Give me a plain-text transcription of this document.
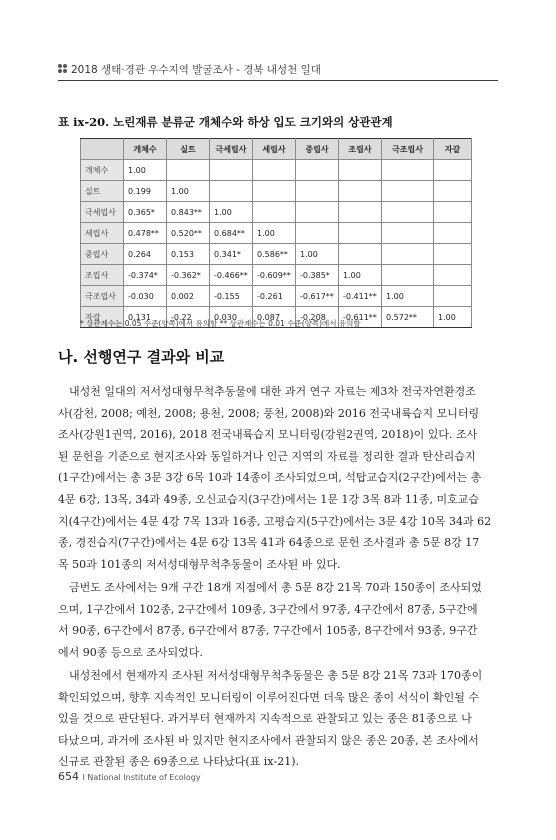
2018 생태·경관 우수지역 발굴조사 - 경북 내성천 일대
표 ⅸ-20. 노린재류 분류군 개체수와 하상 입도 크기와의 상관관계
	개체수	실트	극세립사	세립사	중립사	조립사	극조립사	자갈
개체수	1.00							
실트	0.199	1.00						
극세립사	0.365*	0.843**	1.00					
세립사	0.478**	0.520**	0.684**	1.00				
중립사	0.264	0.153	0.341*	0.586**	1.00			
조립사	-0.374*	-0.362*	-0.466**	-0.609**	-0.385*	1.00		
극조립사	-0.030	0.002	-0.155	-0.261	-0.617**	-0.411**	1.00	
자갈	0.131	-0.22	0.030	0.087	-0.208	-0.611**	0.572**	1.00
* 상관계수는 0.05 수준(양쪽)에서 유의함 ** 상관계수는 0.01 수준(양쪽)에서 유의함
나. 선행연구 결과와 비교

내성천 일대의 저서성대형무척추동물에 대한 과거 연구 자료는 제3차 전국자연환경조
사(감천, 2008; 예천, 2008; 용천, 2008; 풍천, 2008)와 2016 전국내륙습지 모니터링
조사(강원1권역, 2016), 2018 전국내륙습지 모니터링(강원2권역, 2018)이 있다. 조사
된 문헌을 기준으로 현지조사와 동일하거나 인근 지역의 자료를 정리한 결과 탄산리습지
(1구간)에서는 총 3문 3강 6목 10과 14종이 조사되었으며, 석탑교습지(2구간)에서는 총
4문 6강, 13목, 34과 49종, 오신교습지(3구간)에서는 1문 1강 3목 8과 11종, 미호교습
지(4구간)에서는 4문 4강 7목 13과 16종, 고평습지(5구간)에서는 3문 4강 10목 34과 62
종, 경진습지(7구간)에서는 4문 6강 13목 41과 64종으로 문헌 조사결과 총 5문 8강 17
목 50과 101종의 저서성대형무척추동물이 조사된 바 있다.

금번도 조사에서는 9개 구간 18개 지점에서 총 5문 8강 21목 70과 150종이 조사되었
으며, 1구간에서 102종, 2구간에서 109종, 3구간에서 97종, 4구간에서 87종, 5구간에
서 90종, 6구간에서 87종, 6구간에서 87종, 7구간에서 105종, 8구간에서 93종, 9구간
에서 90종 등으로 조사되었다.

내성천에서 현재까지 조사된 저서성대형무척추동물은 총 5문 8강 21목 73과 170종이
확인되었으며, 향후 지속적인 모니터링이 이루어진다면 더욱 많은 종이 서식이 확인될 수
있을 것으로 판단된다. 과거부터 현재까지 지속적으로 관찰되고 있는 종은 81종으로 나
타났으며, 과거에 조사된 바 있지만 현지조사에서 관찰되지 않은 종은 20종, 본 조사에서
신규로 관찰된 종은 69종으로 나타났다(표 ⅸ-21).

654 I National Institute of Ecology
